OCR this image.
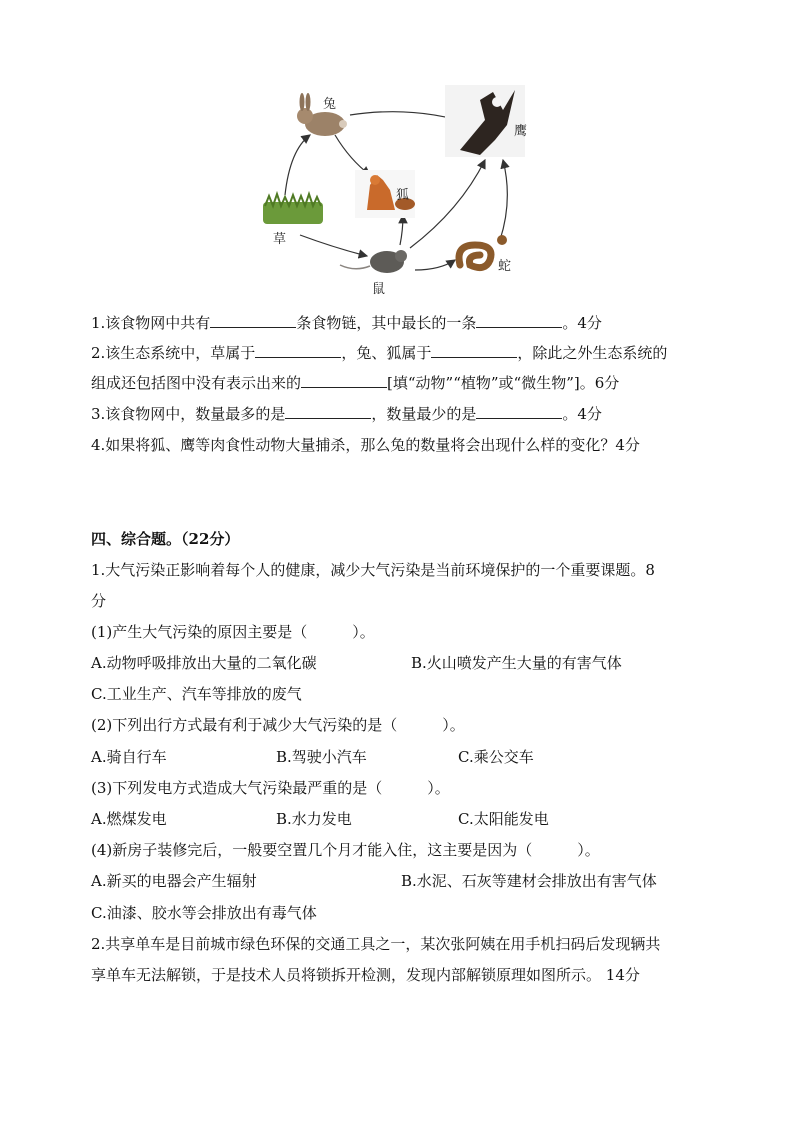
兔
鹰
狐
草
鼠
蛇
1.该食物网中共有	条食物链，其中最长的一条	。4分
2.该生态系统中，草属于	，兔、狐属于	，除此之外生态系统的
组成还包括图中没有表示出来的	[填“动物”“植物”或“微生物”]。6分
3.该食物网中，数量最多的是	，数量最少的是	。4分
4.如果将狐、鹰等肉食性动物大量捕杀，那么兔的数量将会出现什么样的变化？4分
四、综合题。（22分）
1.大气污染正影响着每个人的健康，减少大气污染是当前环境保护的一个重要课题。8
分
(1)产生大气污染的原因主要是（　　　）。
A.动物呼吸排放出大量的二氧化碳	B.火山喷发产生大量的有害气体
C.工业生产、汽车等排放的废气
(2)下列出行方式最有利于减少大气污染的是（　　　）。
A.骑自行车	B.驾驶小汽车	C.乘公交车
(3)下列发电方式造成大气污染最严重的是（　　　）。
A.燃煤发电	B.水力发电	C.太阳能发电
(4)新房子装修完后，一般要空置几个月才能入住，这主要是因为（　　　）。
A.新买的电器会产生辐射	B.水泥、石灰等建材会排放出有害气体
C.油漆、胶水等会排放出有毒气体
2.共享单车是目前城市绿色环保的交通工具之一，某次张阿姨在用手机扫码后发现辆共
享单车无法解锁，于是技术人员将锁拆开检测，发现内部解锁原理如图所示。 14分
